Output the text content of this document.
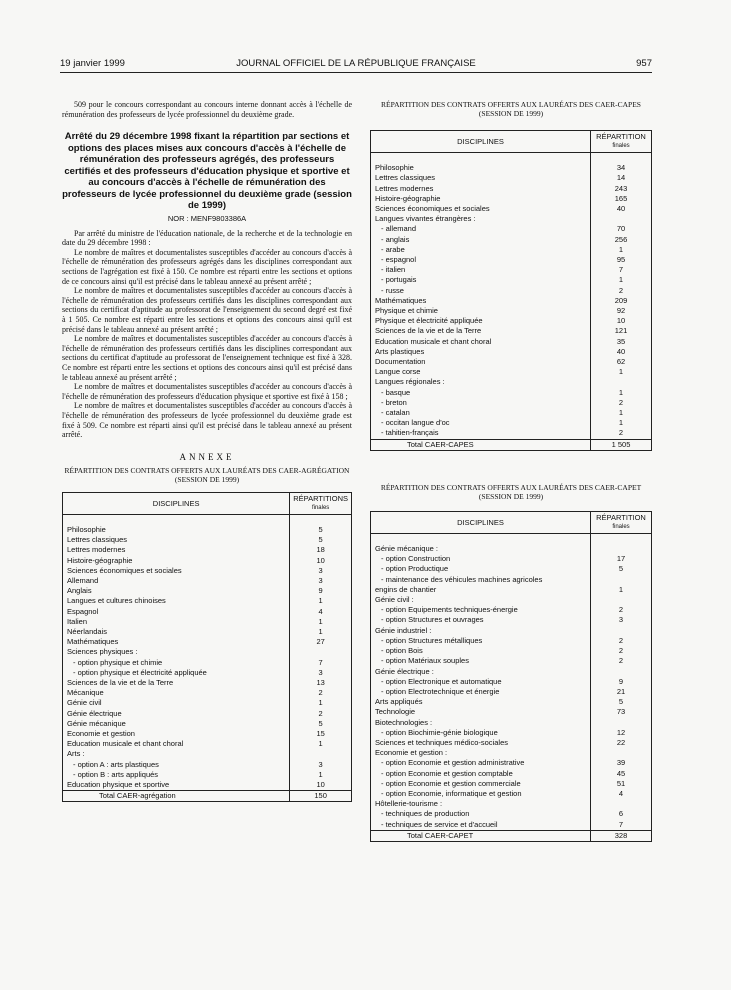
19 janvier 1999	JOURNAL OFFICIEL DE LA RÉPUBLIQUE FRANÇAISE	957

509 pour le concours correspondant au concours interne donnant accès à l'échelle de rémunération des professeurs de lycée professionnel du deuxième grade.

Arrêté du 29 décembre 1998 fixant la répartition par sections et options des places mises aux concours d'accès à l'échelle de rémunération des professeurs agrégés, des professeurs certifiés et des professeurs d'éducation physique et sportive et au concours d'accès à l'échelle de rémunération des professeurs de lycée professionnel du deuxième grade (session de 1999)
NOR : MENF9803386A

Par arrêté du ministre de l'éducation nationale, de la recherche et de la technologie en date du 29 décembre 1998 :

Le nombre de maîtres et documentalistes susceptibles d'accéder au concours d'accès à l'échelle de rémunération des professeurs agrégés dans les disciplines correspondant aux sections de l'agrégation est fixé à 150. Ce nombre est réparti entre les sections et options de ce concours ainsi qu'il est précisé dans le tableau annexé au présent arrêté ;

Le nombre de maîtres et documentalistes susceptibles d'accéder au concours d'accès à l'échelle de rémunération des professeurs certifiés dans les disciplines correspondant aux sections du certificat d'aptitude au professorat de l'enseignement du second degré est fixé à 1 505. Ce nombre est réparti entre les sections et options des concours ainsi qu'il est précisé dans le tableau annexé au présent arrêté ;

Le nombre de maîtres et documentalistes susceptibles d'accéder au concours d'accès à l'échelle de rémunération des professeurs certifiés dans les disciplines correspondant aux sections du certificat d'aptitude au professorat de l'enseignement technique est fixé à 328. Ce nombre est réparti entre les sections et options des concours ainsi qu'il est précisé dans le tableau annexé au présent arrêté ;

Le nombre de maîtres et documentalistes susceptibles d'accéder au concours d'accès à l'échelle de rémunération des professeurs d'éducation physique et sportive est fixé à 158 ;

Le nombre de maîtres et documentalistes susceptibles d'accéder au concours d'accès à l'échelle de rémunération des professeurs de lycée professionnel du deuxième grade est fixé à 509. Ce nombre est réparti ainsi qu'il est précisé dans le tableau annexé au présent arrêté.

ANNEXE
RÉPARTITION DES CONTRATS OFFERTS AUX LAURÉATS DES CAER-AGRÉGATION (SESSION DE 1999)
DISCIPLINES	RÉPARTITIONS
finales

Philosophie	5
Lettres classiques	5
Lettres modernes	18
Histoire-géographie	10
Sciences économiques et sociales	3
Allemand	3
Anglais	9
Langues et cultures chinoises	1
Espagnol	4
Italien	1
Néerlandais	1
Mathématiques	27
Sciences physiques :	
- option physique et chimie	7
- option physique et électricité appliquée	3
Sciences de la vie et de la Terre	13
Mécanique	2
Génie civil	1
Génie électrique	2
Génie mécanique	5
Economie et gestion	15
Education musicale et chant choral	1
Arts :	
- option A : arts plastiques	3
- option B : arts appliqués	1
Education physique et sportive	10
Total CAER-agrégation	150
RÉPARTITION DES CONTRATS OFFERTS AUX LAURÉATS DES CAER-CAPES (SESSION DE 1999)
DISCIPLINES	RÉPARTITION
finales

Philosophie	34
Lettres classiques	14
Lettres modernes	243
Histoire-géographie	165
Sciences économiques et sociales	40
Langues vivantes étrangères :	
- allemand	70
- anglais	256
- arabe	1
- espagnol	95
- italien	7
- portugais	1
- russe	2
Mathématiques	209
Physique et chimie	92
Physique et électricité appliquée	10
Sciences de la vie et de la Terre	121
Education musicale et chant choral	35
Arts plastiques	40
Documentation	62
Langue corse	1
Langues régionales :	
- basque	1
- breton	2
- catalan	1
- occitan langue d'oc	1
- tahitien-français	2
Total CAER-CAPES	1 505
RÉPARTITION DES CONTRATS OFFERTS AUX LAURÉATS DES CAER-CAPET (SESSION DE 1999)
DISCIPLINES	RÉPARTITION
finales

Génie mécanique :	
- option Construction	17
- option Productique	5
- maintenance des véhicules machines agricoles	
engins de chantier	1
Génie civil :	
- option Equipements techniques-énergie	2
- option Structures et ouvrages	3
Génie industriel :	
- option Structures métalliques	2
- option Bois	2
- option Matériaux souples	2
Génie électrique :	
- option Electronique et automatique	9
- option Electrotechnique et énergie	21
Arts appliqués	5
Technologie	73
Biotechnologies :	
- option Biochimie-génie biologique	12
Sciences et techniques médico-sociales	22
Economie et gestion :	
- option Economie et gestion administrative	39
- option Economie et gestion comptable	45
- option Economie et gestion commerciale	51
- option Economie, informatique et gestion	4
Hôtellerie-tourisme :	
- techniques de production	6
- techniques de service et d'accueil	7
Total CAER-CAPET	328
